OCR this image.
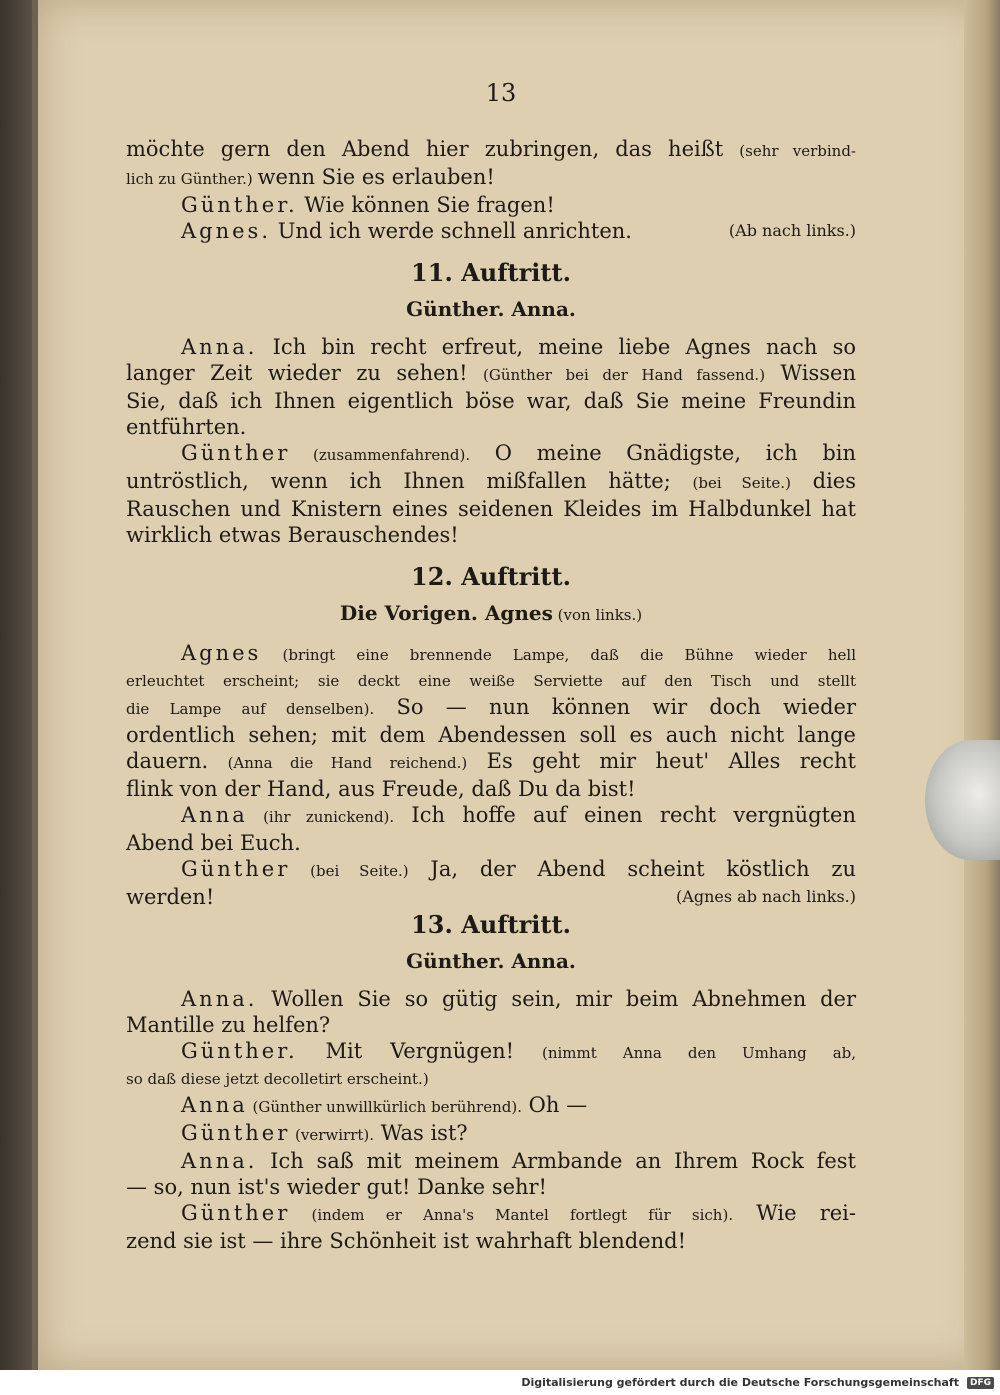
13
möchte gern den Abend hier zubringen, das heißt (sehr verbind-
lich zu Günther.) wenn Sie es erlauben!
Günther. Wie können Sie fragen!
Agnes. Und ich werde schnell anrichten.	(Ab nach links.)
11. Auftritt.
Günther. Anna.
Anna. Ich bin recht erfreut, meine liebe Agnes nach so
langer Zeit wieder zu sehen! (Günther bei der Hand fassend.) Wissen
Sie, daß ich Ihnen eigentlich böse war, daß Sie meine Freundin
entführten.
Günther (zusammenfahrend). O meine Gnädigste, ich bin
untröstlich, wenn ich Ihnen mißfallen hätte; (bei Seite.) dies
Rauschen und Knistern eines seidenen Kleides im Halbdunkel hat
wirklich etwas Berauschendes!
12. Auftritt.
Die Vorigen. Agnes (von links.)
Agnes (bringt eine brennende Lampe, daß die Bühne wieder hell
erleuchtet erscheint; sie deckt eine weiße Serviette auf den Tisch und stellt
die Lampe auf denselben). So — nun können wir doch wieder
ordentlich sehen; mit dem Abendessen soll es auch nicht lange
dauern. (Anna die Hand reichend.) Es geht mir heut' Alles recht
flink von der Hand, aus Freude, daß Du da bist!
Anna (ihr zunickend). Ich hoffe auf einen recht vergnügten
Abend bei Euch.
Günther (bei Seite.) Ja, der Abend scheint köstlich zu
werden!	(Agnes ab nach links.)
13. Auftritt.
Günther. Anna.
Anna. Wollen Sie so gütig sein, mir beim Abnehmen der
Mantille zu helfen?
Günther. Mit Vergnügen! (nimmt Anna den Umhang ab,
so daß diese jetzt decolletirt erscheint.)
Anna (Günther unwillkürlich berührend). Oh —
Günther (verwirrt). Was ist?
Anna. Ich saß mit meinem Armbande an Ihrem Rock fest
— so, nun ist's wieder gut! Danke sehr!
Günther (indem er Anna's Mantel fortlegt für sich). Wie rei-
zend sie ist — ihre Schönheit ist wahrhaft blendend!
Digitalisierung gefördert durch die Deutsche Forschungsgemeinschaft	DFG
